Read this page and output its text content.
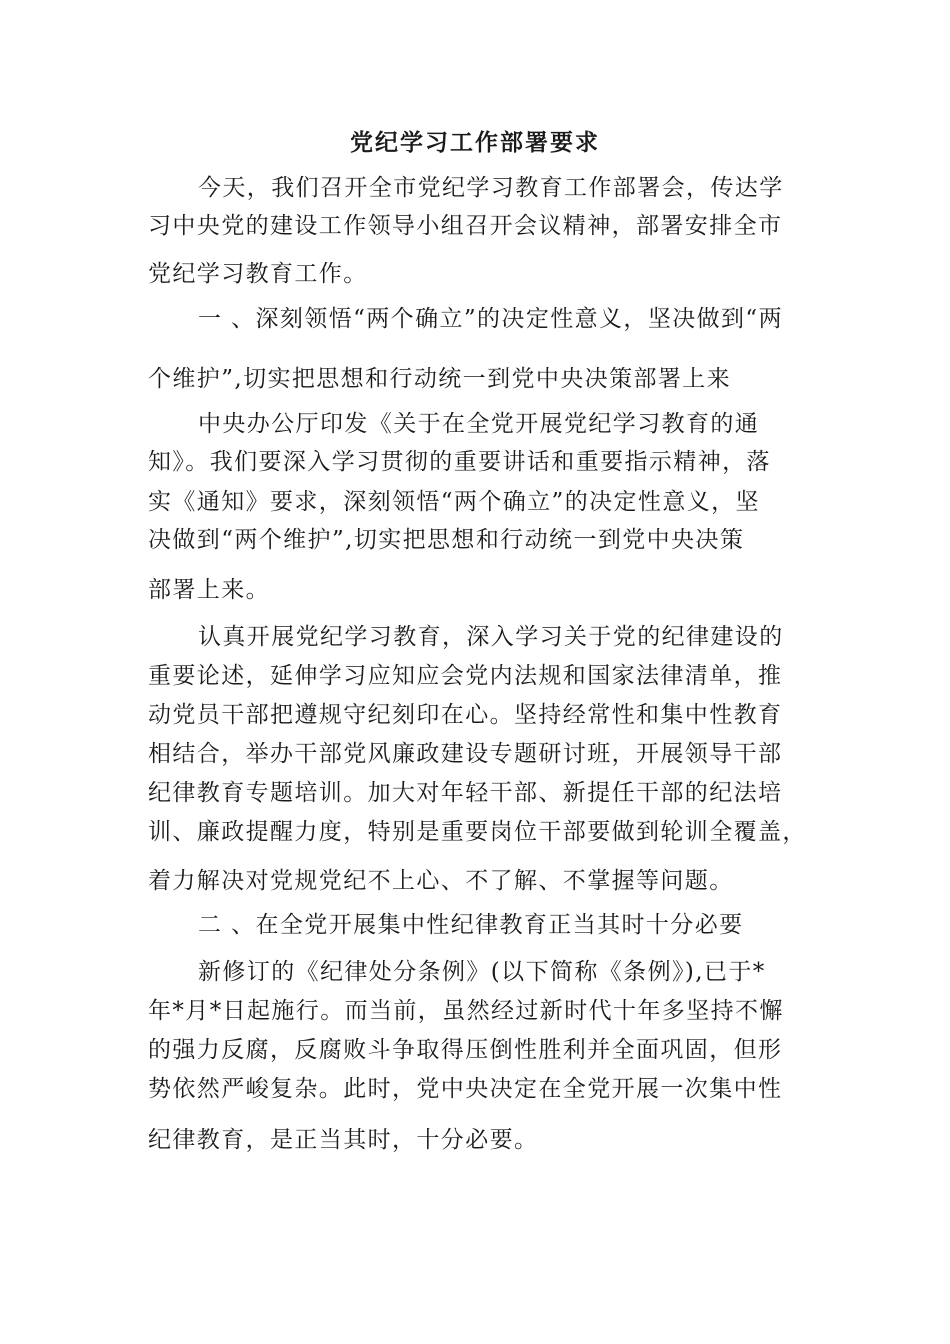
党纪学习工作部署要求

今天，我们召开全市党纪学习教育工作部署会，传达学

习中央党的建设工作领导小组召开会议精神，部署安排全市

党纪学习教育工作。

一 、深刻领悟“两个确立”的决定性意义，坚决做到“两

个维护”,切实把思想和行动统一到党中央决策部署上来

中央办公厅印发《关于在全党开展党纪学习教育的通

知》。我们要深入学习贯彻的重要讲话和重要指示精神，落

实《通知》要求，深刻领悟“两个确立”的决定性意义，坚

决做到“两个维护”,切实把思想和行动统一到党中央决策

部署上来。

认真开展党纪学习教育，深入学习关于党的纪律建设的

重要论述，延伸学习应知应会党内法规和国家法律清单，推

动党员干部把遵规守纪刻印在心。坚持经常性和集中性教育

相结合，举办干部党风廉政建设专题研讨班，开展领导干部

纪律教育专题培训。加大对年轻干部、新提任干部的纪法培

训、廉政提醒力度，特别是重要岗位干部要做到轮训全覆盖，

着力解决对党规党纪不上心、不了解、不掌握等问题。

二 、在全党开展集中性纪律教育正当其时十分必要

新修订的《纪律处分条例》(以下简称《条例》),已于*

年*月*日起施行。而当前，虽然经过新时代十年多坚持不懈

的强力反腐，反腐败斗争取得压倒性胜利并全面巩固，但形

势依然严峻复杂。此时，党中央决定在全党开展一次集中性

纪律教育，是正当其时，十分必要。
